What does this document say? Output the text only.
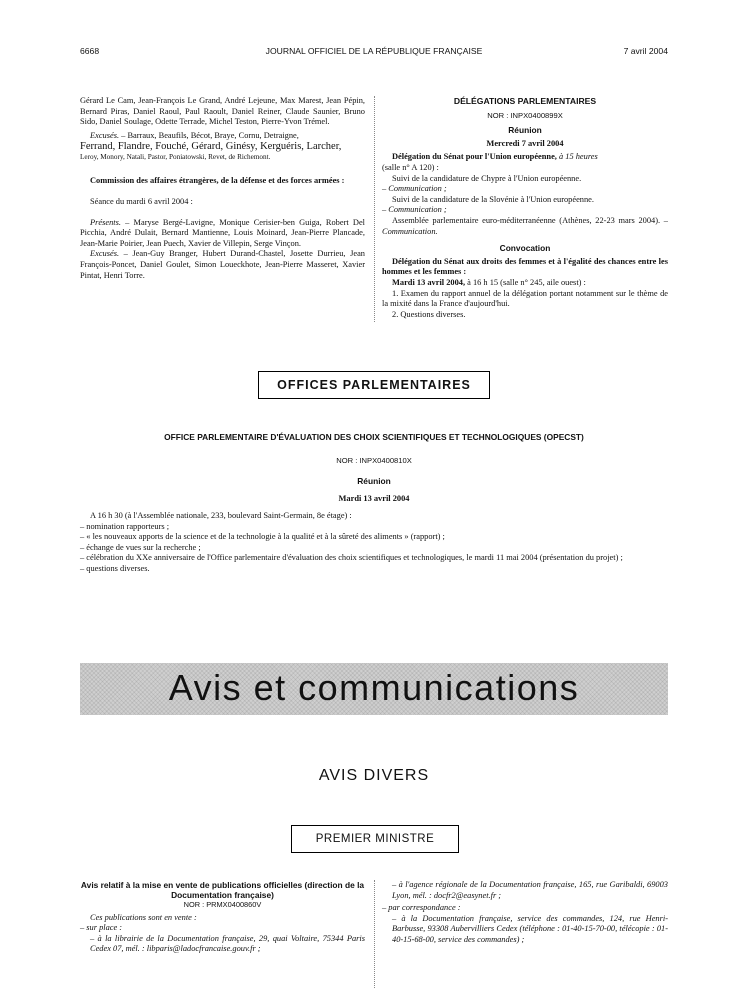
6668	JOURNAL OFFICIEL DE LA RÉPUBLIQUE FRANÇAISE	7 avril 2004

Gérard Le Cam, Jean-François Le Grand, André Lejeune, Max Marest, Jean Pépin, Bernard Piras, Daniel Raoul, Paul Raoult, Daniel Reiner, Claude Saunier, Bruno Sido, Daniel Soulage, Odette Terrade, Michel Teston, Pierre-Yvon Trémel.

Excusés. – Barraux, Beaufils, Bécot, Braye, Cornu, Detraigne,

Ferrand, Flandre, Fouché, Gérard, Ginésy, Kerguéris, Larcher,

Leroy, Monory, Natali, Pastor, Poniatowski, Revet, de Richemont.

Commission des affaires étrangères, de la défense et des forces armées :

Séance du mardi 6 avril 2004 :

Présents. – Maryse Bergé-Lavigne, Monique Cerisier-ben Guiga, Robert Del Picchia, André Dulait, Bernard Mantienne, Louis Moinard, Jean-Pierre Plancade, Jean-Marie Poirier, Jean Puech, Xavier de Villepin, Serge Vinçon.

Excusés. – Jean-Guy Branger, Hubert Durand-Chastel, Josette Durrieu, Jean François-Poncet, Daniel Goulet, Simon Loueckhote, Jean-Pierre Masseret, Xavier Pintat, Henri Torre.

DÉLÉGATIONS PARLEMENTAIRES

NOR : INPX0400899X

Réunion

Mercredi 7 avril 2004

Délégation du Sénat pour l'Union européenne, à 15 heures

(salle n° A 120) :

Suivi de la candidature de Chypre à l'Union européenne.

– Communication ;

Suivi de la candidature de la Slovénie à l'Union européenne.

– Communication ;

Assemblée parlementaire euro-méditerranéenne (Athènes, 22-23 mars 2004). – Communication.

Convocation

Délégation du Sénat aux droits des femmes et à l'égalité des chances entre les hommes et les femmes :

Mardi 13 avril 2004, à 16 h 15 (salle n° 245, aile ouest) :

1. Examen du rapport annuel de la délégation portant notamment sur le thème de la mixité dans la France d'aujourd'hui.

2. Questions diverses.

OFFICES PARLEMENTAIRES

OFFICE PARLEMENTAIRE D'ÉVALUATION DES CHOIX SCIENTIFIQUES ET TECHNOLOGIQUES (OPECST)

NOR : INPX0400810X

Réunion

Mardi 13 avril 2004

A 16 h 30 (à l'Assemblée nationale, 233, boulevard Saint-Germain, 8e étage) :

– nomination rapporteurs ;
– « les nouveaux apports de la science et de la technologie à la qualité et à la sûreté des aliments » (rapport) ;
– échange de vues sur la recherche ;
– célébration du XXe anniversaire de l'Office parlementaire d'évaluation des choix scientifiques et technologiques, le mardi 11 mai 2004 (présentation du projet) ;
– questions diverses.
Avis et communications
AVIS DIVERS
PREMIER MINISTRE

Avis relatif à la mise en vente de publications officielles (direction de la Documentation française)

NOR : PRMX0400860V

Ces publications sont en vente :

– sur place :

– à la librairie de la Documentation française, 29, quai Voltaire, 75344 Paris Cedex 07, mél. : libparis@ladocfrancaise.gouv.fr ;

– à l'agence régionale de la Documentation française, 165, rue Garibaldi, 69003 Lyon, mél. : docfr2@easynet.fr ;

– par correspondance :

– à la Documentation française, service des commandes, 124, rue Henri-Barbusse, 93308 Aubervilliers Cedex (téléphone : 01-40-15-70-00, télécopie : 01-40-15-68-00, service des commandes) ;
